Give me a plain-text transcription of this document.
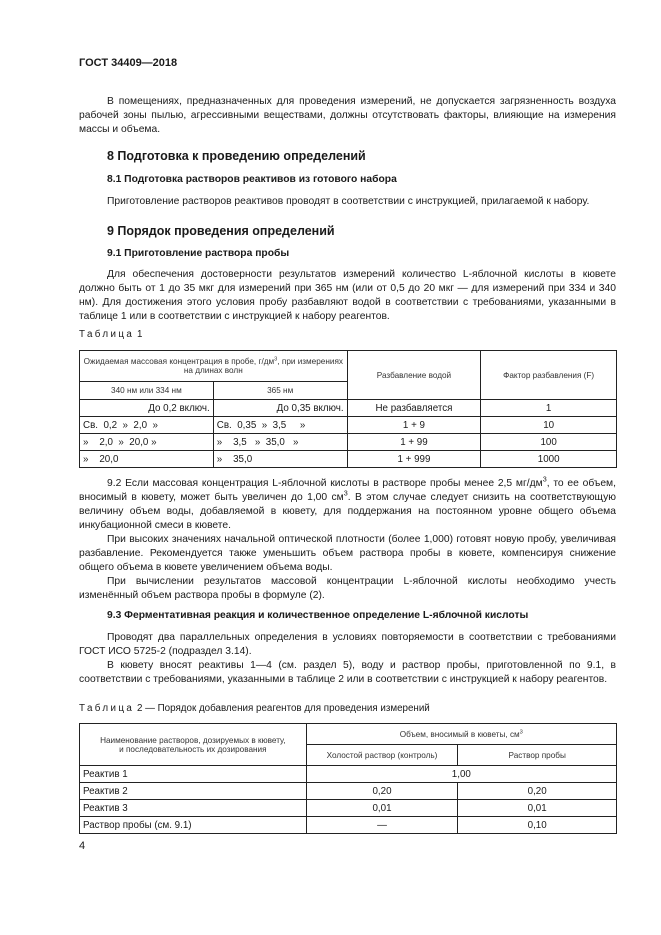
ГОСТ 34409—2018
В помещениях, предназначенных для проведения измерений, не допускается загрязненность воздуха рабочей зоны пылью, агрессивными веществами, должны отсутствовать факторы, влияющие на измерения массы и объема.
8 Подготовка к проведению определений
8.1 Подготовка растворов реактивов из готового набора
Приготовление растворов реактивов проводят в соответствии с инструкцией, прилагаемой к набору.
9 Порядок проведения определений
9.1 Приготовление раствора пробы
Для обеспечения достоверности результатов измерений количество L-яблочной кислоты в кювете должно быть от 1 до 35 мкг для измерений при 365 нм (или от 0,5 до 20 мкг — для измерений при 334 и 340 нм). Для достижения этого условия пробу разбавляют водой в соответствии с требованиями, указанными в таблице 1 или в соответствии с инструкцией к набору реагентов.
Таблица 1
Ожидаемая массовая концентрация в пробе, $г/дм^3$, при измерениях на длинах волн		Разбавление водой	Фактор разбавления (F)
340 нм или 334 нм	365 нм		
До 0,2 включ.	До 0,35 включ.	Не разбавляется	1
Св.  0,2  »  2,0  »	Св.  0,35  »  3,5     »	1 + 9	10
»    2,0  »  20,0 »	»    3,5   »  35,0   »	1 + 99	100
»    20,0	»    35,0	1 + 999	1000
9.2 Если массовая концентрация L-яблочной кислоты в растворе пробы менее 2,5 $мг/дм^3$, то ее объем, вносимый в кювету, может быть увеличен до 1,00 $см^3$. В этом случае следует снизить на соответствующую величину объем воды, добавляемой в кювету, для поддержания на постоянном уровне общего объема инкубационной смеси в кювете.
При высоких значениях начальной оптической плотности (более 1,000) готовят новую пробу, увеличивая разбавление. Рекомендуется также уменьшить объем раствора пробы в кювете, компенсируя снижение общего объема в кювете увеличением объема воды.
При вычислении результатов массовой концентрации L-яблочной кислоты необходимо учесть изменённый объем раствора пробы в формуле (2).
9.3 Ферментативная реакция и количественное определение L-яблочной кислоты
Проводят два параллельных определения в условиях повторяемости в соответствии с требованиями ГОСТ ИСО 5725-2 (подраздел 3.14).
В кювету вносят реактивы 1—4 (см. раздел 5), воду и раствор пробы, приготовленной по 9.1, в соответствии с требованиями, указанными в таблице 2 или в соответствии с инструкцией к набору реагентов.
Таблица 2 — Порядок добавления реагентов для проведения измерений
Наименование растворов, дозируемых в кювету, и последовательность их дозирования	Объем, вносимый в кюветы, $см^3$
	Холостой раствор (контроль)	Раствор пробы
Реактив 1	1,00	
Реактив 2	0,20	0,20
Реактив 3	0,01	0,01
Раствор пробы (см. 9.1)	—	0,10
4
